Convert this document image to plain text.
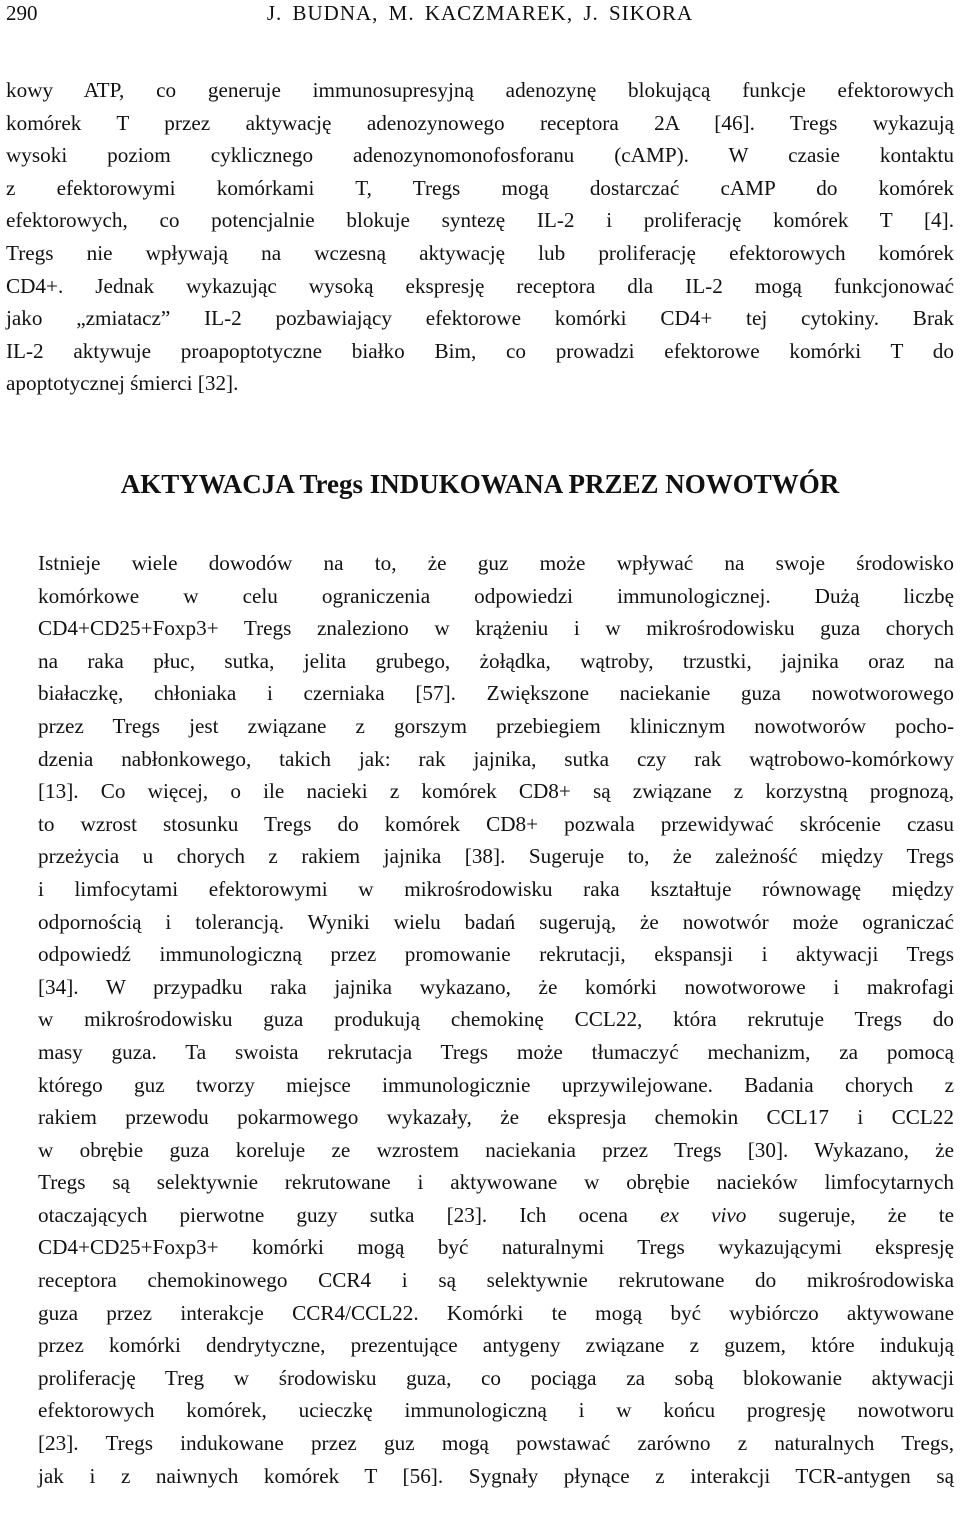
290	J. BUDNA, M. KACZMAREK, J. SIKORA
kowy ATP, co generuje immunosupresyjną adenozynę blokującą funkcje efektorowych
komórek T przez aktywację adenozynowego receptora 2A [46]. Tregs wykazują
wysoki poziom cyklicznego adenozynomonofosforanu (cAMP). W czasie kontaktu
z efektorowymi komórkami T, Tregs mogą dostarczać cAMP do komórek
efektorowych, co potencjalnie blokuje syntezę IL-2 i proliferację komórek T [4].
Tregs nie wpływają na wczesną aktywację lub proliferację efektorowych komórek
CD4+. Jednak wykazując wysoką ekspresję receptora dla IL-2 mogą funkcjonować
jako „zmiatacz” IL-2 pozbawiający efektorowe komórki CD4+ tej cytokiny. Brak
IL-2 aktywuje proapoptotyczne białko Bim, co prowadzi efektorowe komórki T do
apoptotycznej śmierci [32].
AKTYWACJA Tregs INDUKOWANA PRZEZ NOWOTWÓR
Istnieje wiele dowodów na to, że guz może wpływać na swoje środowisko
komórkowe w celu ograniczenia odpowiedzi immunologicznej. Dużą liczbę
CD4+CD25+Foxp3+ Tregs znaleziono w krążeniu i w mikrośrodowisku guza chorych
na raka płuc, sutka, jelita grubego, żołądka, wątroby, trzustki, jajnika oraz na
białaczkę, chłoniaka i czerniaka [57]. Zwiększone naciekanie guza nowotworowego
przez Tregs jest związane z gorszym przebiegiem klinicznym nowotworów pocho-
dzenia nabłonkowego, takich jak: rak jajnika, sutka czy rak wątrobowo-komórkowy
[13]. Co więcej, o ile nacieki z komórek CD8+ są związane z korzystną prognozą,
to wzrost stosunku Tregs do komórek CD8+ pozwala przewidywać skrócenie czasu
przeżycia u chorych z rakiem jajnika [38]. Sugeruje to, że zależność między Tregs
i limfocytami efektorowymi w mikrośrodowisku raka kształtuje równowagę między
odpornością i tolerancją. Wyniki wielu badań sugerują, że nowotwór może ograniczać
odpowiedź immunologiczną przez promowanie rekrutacji, ekspansji i aktywacji Tregs
[34]. W przypadku raka jajnika wykazano, że komórki nowotworowe i makrofagi
w mikrośrodowisku guza produkują chemokinę CCL22, która rekrutuje Tregs do
masy guza. Ta swoista rekrutacja Tregs może tłumaczyć mechanizm, za pomocą
którego guz tworzy miejsce immunologicznie uprzywilejowane. Badania chorych z
rakiem przewodu pokarmowego wykazały, że ekspresja chemokin CCL17 i CCL22
w obrębie guza koreluje ze wzrostem naciekania przez Tregs [30]. Wykazano, że
Tregs są selektywnie rekrutowane i aktywowane w obrębie nacieków limfocytarnych
otaczających pierwotne guzy sutka [23]. Ich ocena ex vivo sugeruje, że te
CD4+CD25+Foxp3+ komórki mogą być naturalnymi Tregs wykazującymi ekspresję
receptora chemokinowego CCR4 i są selektywnie rekrutowane do mikrośrodowiska
guza przez interakcje CCR4/CCL22. Komórki te mogą być wybiórczo aktywowane
przez komórki dendrytyczne, prezentujące antygeny związane z guzem, które indukują
proliferację Treg w środowisku guza, co pociąga za sobą blokowanie aktywacji
efektorowych komórek, ucieczkę immunologiczną i w końcu progresję nowotworu
[23]. Tregs indukowane przez guz mogą powstawać zarówno z naturalnych Tregs,
jak i z naiwnych komórek T [56]. Sygnały płynące z interakcji TCR-antygen są
